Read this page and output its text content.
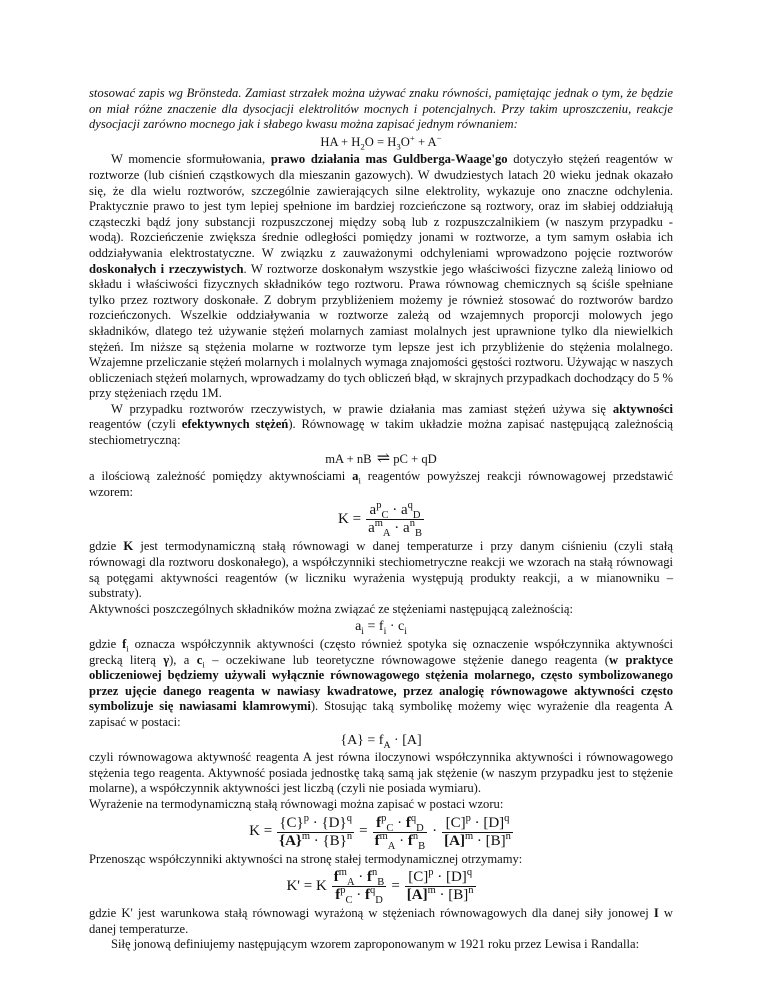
stosować zapis wg Brönsteda. Zamiast strzałek można używać znaku równości, pamiętając jednak o tym, że będzie on miał różne znaczenie dla dysocjacji elektrolitów mocnych i potencjalnych. Przy takim uproszczeniu, reakcje dysocjacji zarówno mocnego jak i słabego kwasu można zapisać jednym równaniem:

HA + $H_2O = H_3O^+ + A^-$

W momencie sformułowania, prawo działania mas Guldberga-Waage'go dotyczyło stężeń reagentów w roztworze (lub ciśnień cząstkowych dla mieszanin gazowych). W dwudziestych latach 20 wieku jednak okazało się, że dla wielu roztworów, szczególnie zawierających silne elektrolity, wykazuje ono znaczne odchylenia. Praktycznie prawo to jest tym lepiej spełnione im bardziej rozcieńczone są roztwory, oraz im słabiej oddziałują cząsteczki bądź jony substancji rozpuszczonej między sobą lub z rozpuszczalnikiem (w naszym przypadku - wodą). Rozcieńczenie zwiększa średnie odległości pomiędzy jonami w roztworze, a tym samym osłabia ich oddziaływania elektrostatyczne. W związku z zauważonymi odchyleniami wprowadzono pojęcie roztworów doskonałych i rzeczywistych. W roztworze doskonałym wszystkie jego właściwości fizyczne zależą liniowo od składu i właściwości fizycznych składników tego roztworu. Prawa równowag chemicznych są ściśle spełniane tylko przez roztwory doskonałe. Z dobrym przybliżeniem możemy je również stosować do roztworów bardzo rozcieńczonych. Wszelkie oddziaływania w roztworze zależą od wzajemnych proporcji molowych jego składników, dlatego też używanie stężeń molarnych zamiast molalnych jest uprawnione tylko dla niewielkich stężeń. Im niższe są stężenia molarne w roztworze tym lepsze jest ich przybliżenie do stężenia molalnego. Wzajemne przeliczanie stężeń molarnych i molalnych wymaga znajomości gęstości roztworu. Używając w naszych obliczeniach stężeń molarnych, wprowadzamy do tych obliczeń błąd, w skrajnych przypadkach dochodzący do 5 % przy stężeniach rzędu 1M.

W przypadku roztworów rzeczywistych, w prawie działania mas zamiast stężeń używa się aktywności reagentów (czyli efektywnych stężeń). Równowagę w takim układzie można zapisać następującą zależnością stechiometryczną:

mA + nB  ⇌  pC + qD

a ilościową zależność pomiędzy aktywnościami $a_i$ reagentów powyższej reakcji równowagowej przedstawić wzorem:

$K = \frac{a^p_C \cdot a^q_D}{a^m_A \cdot a^n_B}$

gdzie K jest termodynamiczną stałą równowagi w danej temperaturze i przy danym ciśnieniu (czyli stałą równowagi dla roztworu doskonałego), a współczynniki stechiometryczne reakcji we wzorach na stałą równowagi są potęgami aktywności reagentów (w liczniku wyrażenia występują produkty reakcji, a w mianowniku – substraty).

Aktywności poszczególnych składników można związać ze stężeniami następującą zależnością:

$a_i = f_i \cdot c_i$

gdzie $f_i$ oznacza współczynnik aktywności (często również spotyka się oznaczenie współczynnika aktywności grecką literą γ), a $c_i$ – oczekiwane lub teoretyczne równowagowe stężenie danego reagenta (w praktyce obliczeniowej będziemy używali wyłącznie równowagowego stężenia molarnego, często symbolizowanego przez ujęcie danego reagenta w nawiasy kwadratowe, przez analogię równowagowe aktywności często symbolizuje się nawiasami klamrowymi). Stosując taką symbolikę możemy więc wyrażenie dla reagenta A zapisać w postaci:

$\{A\} = f_A \cdot [A]$

czyli równowagowa aktywność reagenta A jest równa iloczynowi współczynnika aktywności i równowagowego stężenia tego reagenta. Aktywność posiada jednostkę taką samą jak stężenie (w naszym przypadku jest to stężenie molarne), a współczynnik aktywności jest liczbą (czyli nie posiada wymiaru).

Wyrażenie na termodynamiczną stałą równowagi można zapisać w postaci wzoru:

$K = \frac{\{C\}^p \cdot \{D\}^q}{\{A\}^m \cdot \{B\}^n} = \frac{f^p_C \cdot f^q_D}{f^m_A \cdot f^n_B} \cdot \frac{[C]^p \cdot [D]^q}{[A]^m \cdot [B]^n}$

Przenosząc współczynniki aktywności na stronę stałej termodynamicznej otrzymamy:

K' = K $\frac{f^m_A \cdot f^n_B}{f^p_C \cdot f^q_D} = \frac{[C]^p \cdot [D]^q}{[A]^m \cdot [B]^n}$

gdzie K' jest warunkowa stałą równowagi wyrażoną w stężeniach równowagowych dla danej siły jonowej I w danej temperaturze.

Siłę jonową definiujemy następującym wzorem zaproponowanym w 1921 roku przez Lewisa i Randalla:
